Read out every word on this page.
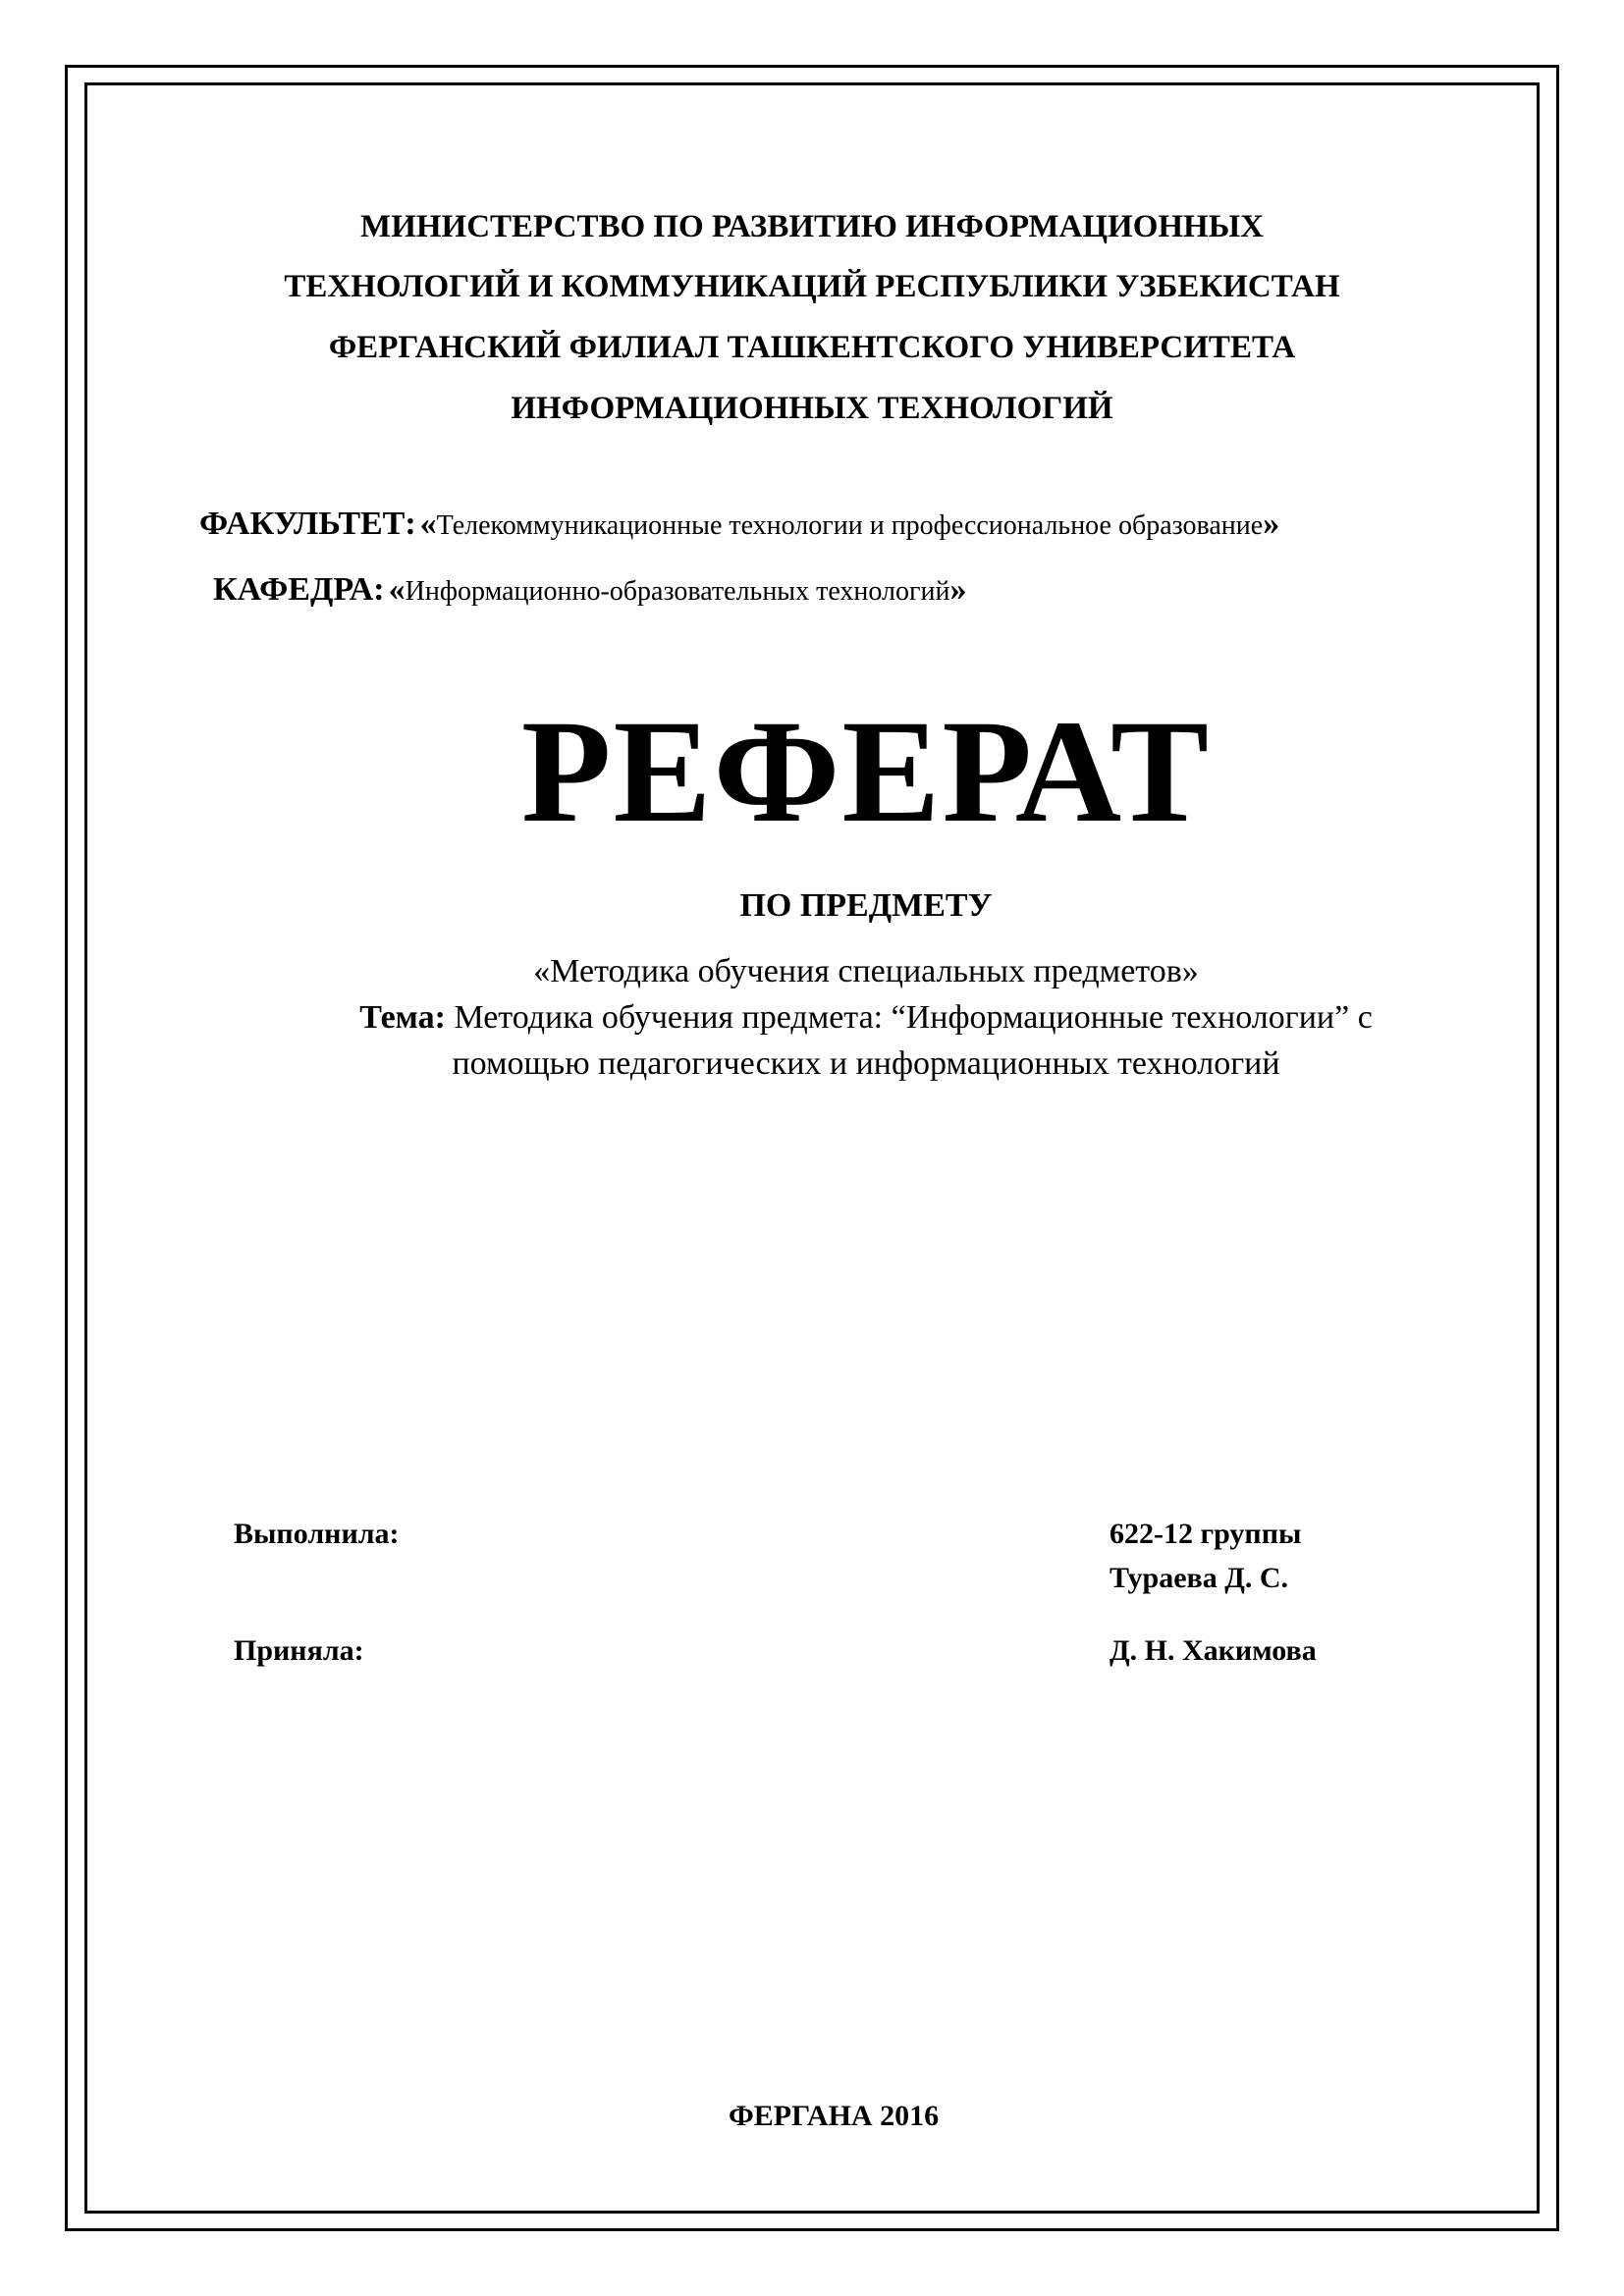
МИНИСТЕРСТВО ПО РАЗВИТИЮ ИНФОРМАЦИОННЫХ
ТЕХНОЛОГИЙ И КОММУНИКАЦИЙ РЕСПУБЛИКИ УЗБЕКИСТАН
ФЕРГАНСКИЙ ФИЛИАЛ ТАШКЕНТСКОГО УНИВЕРСИТЕТА
ИНФОРМАЦИОННЫХ ТЕХНОЛОГИЙ
ФАКУЛЬТЕТ: «Телекоммуникационные технологии и профессиональное образование»
КАФЕДРА: «Информационно-образовательных технологий»
РЕФЕРАТ
ПО ПРЕДМЕТУ
«Методика обучения специальных предметов»
Тема: Методика обучения предмета: “Информационные технологии” с
помощью педагогических и информационных технологий
Выполнила:	622-12 группы
Тураева Д. С.
Приняла:	Д. Н. Хакимова
ФЕРГАНА 2016
